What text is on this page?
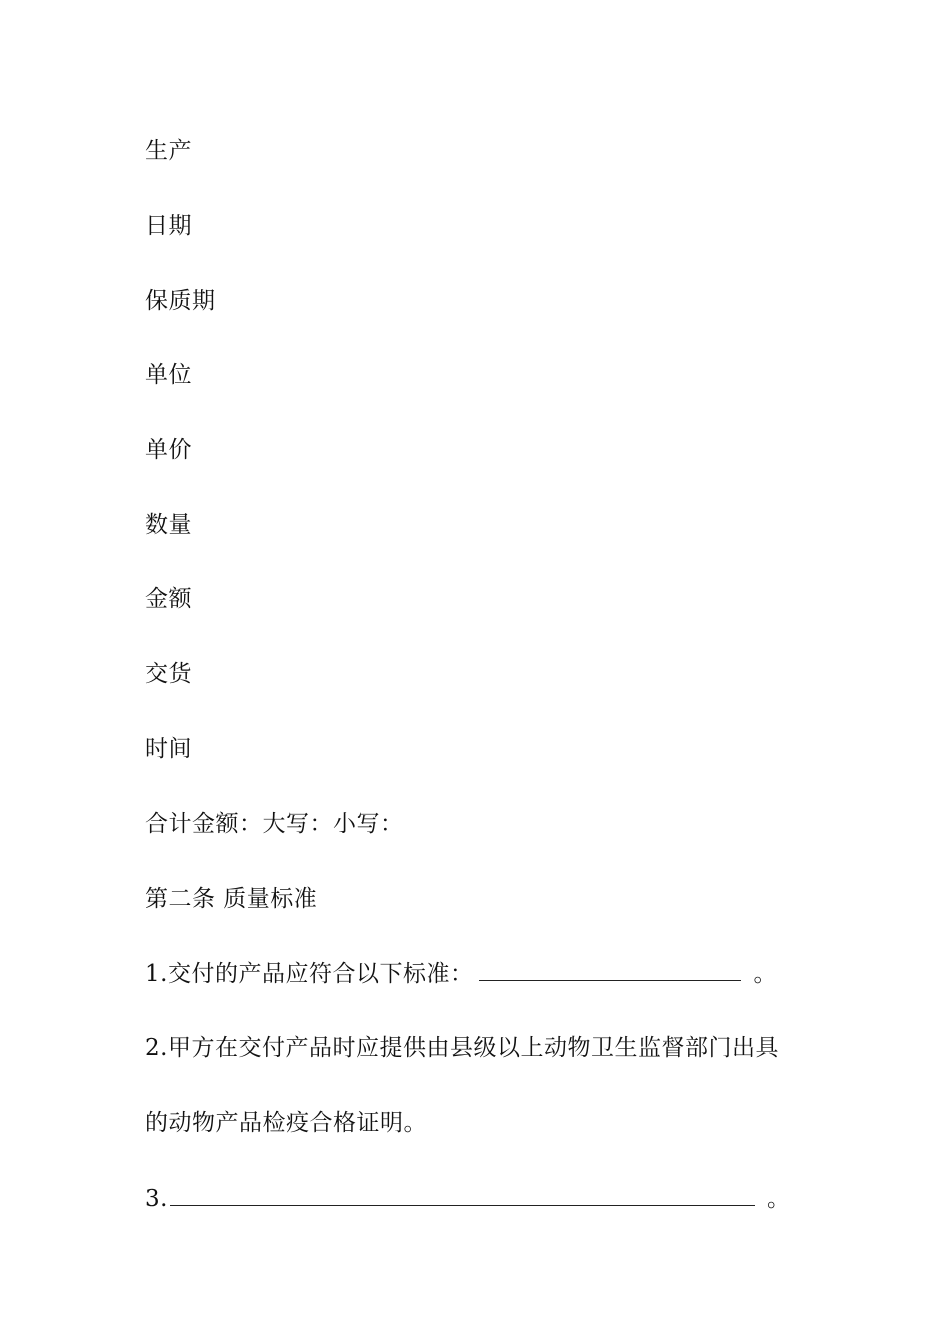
生产
日期
保质期
单位
单价
数量
金额
交货
时间
合计金额：大写：小写：
第二条 质量标准
1.交付的产品应符合以下标准：	。
2.甲方在交付产品时应提供由县级以上动物卫生监督部门出具
的动物产品检疫合格证明。
3.	。
